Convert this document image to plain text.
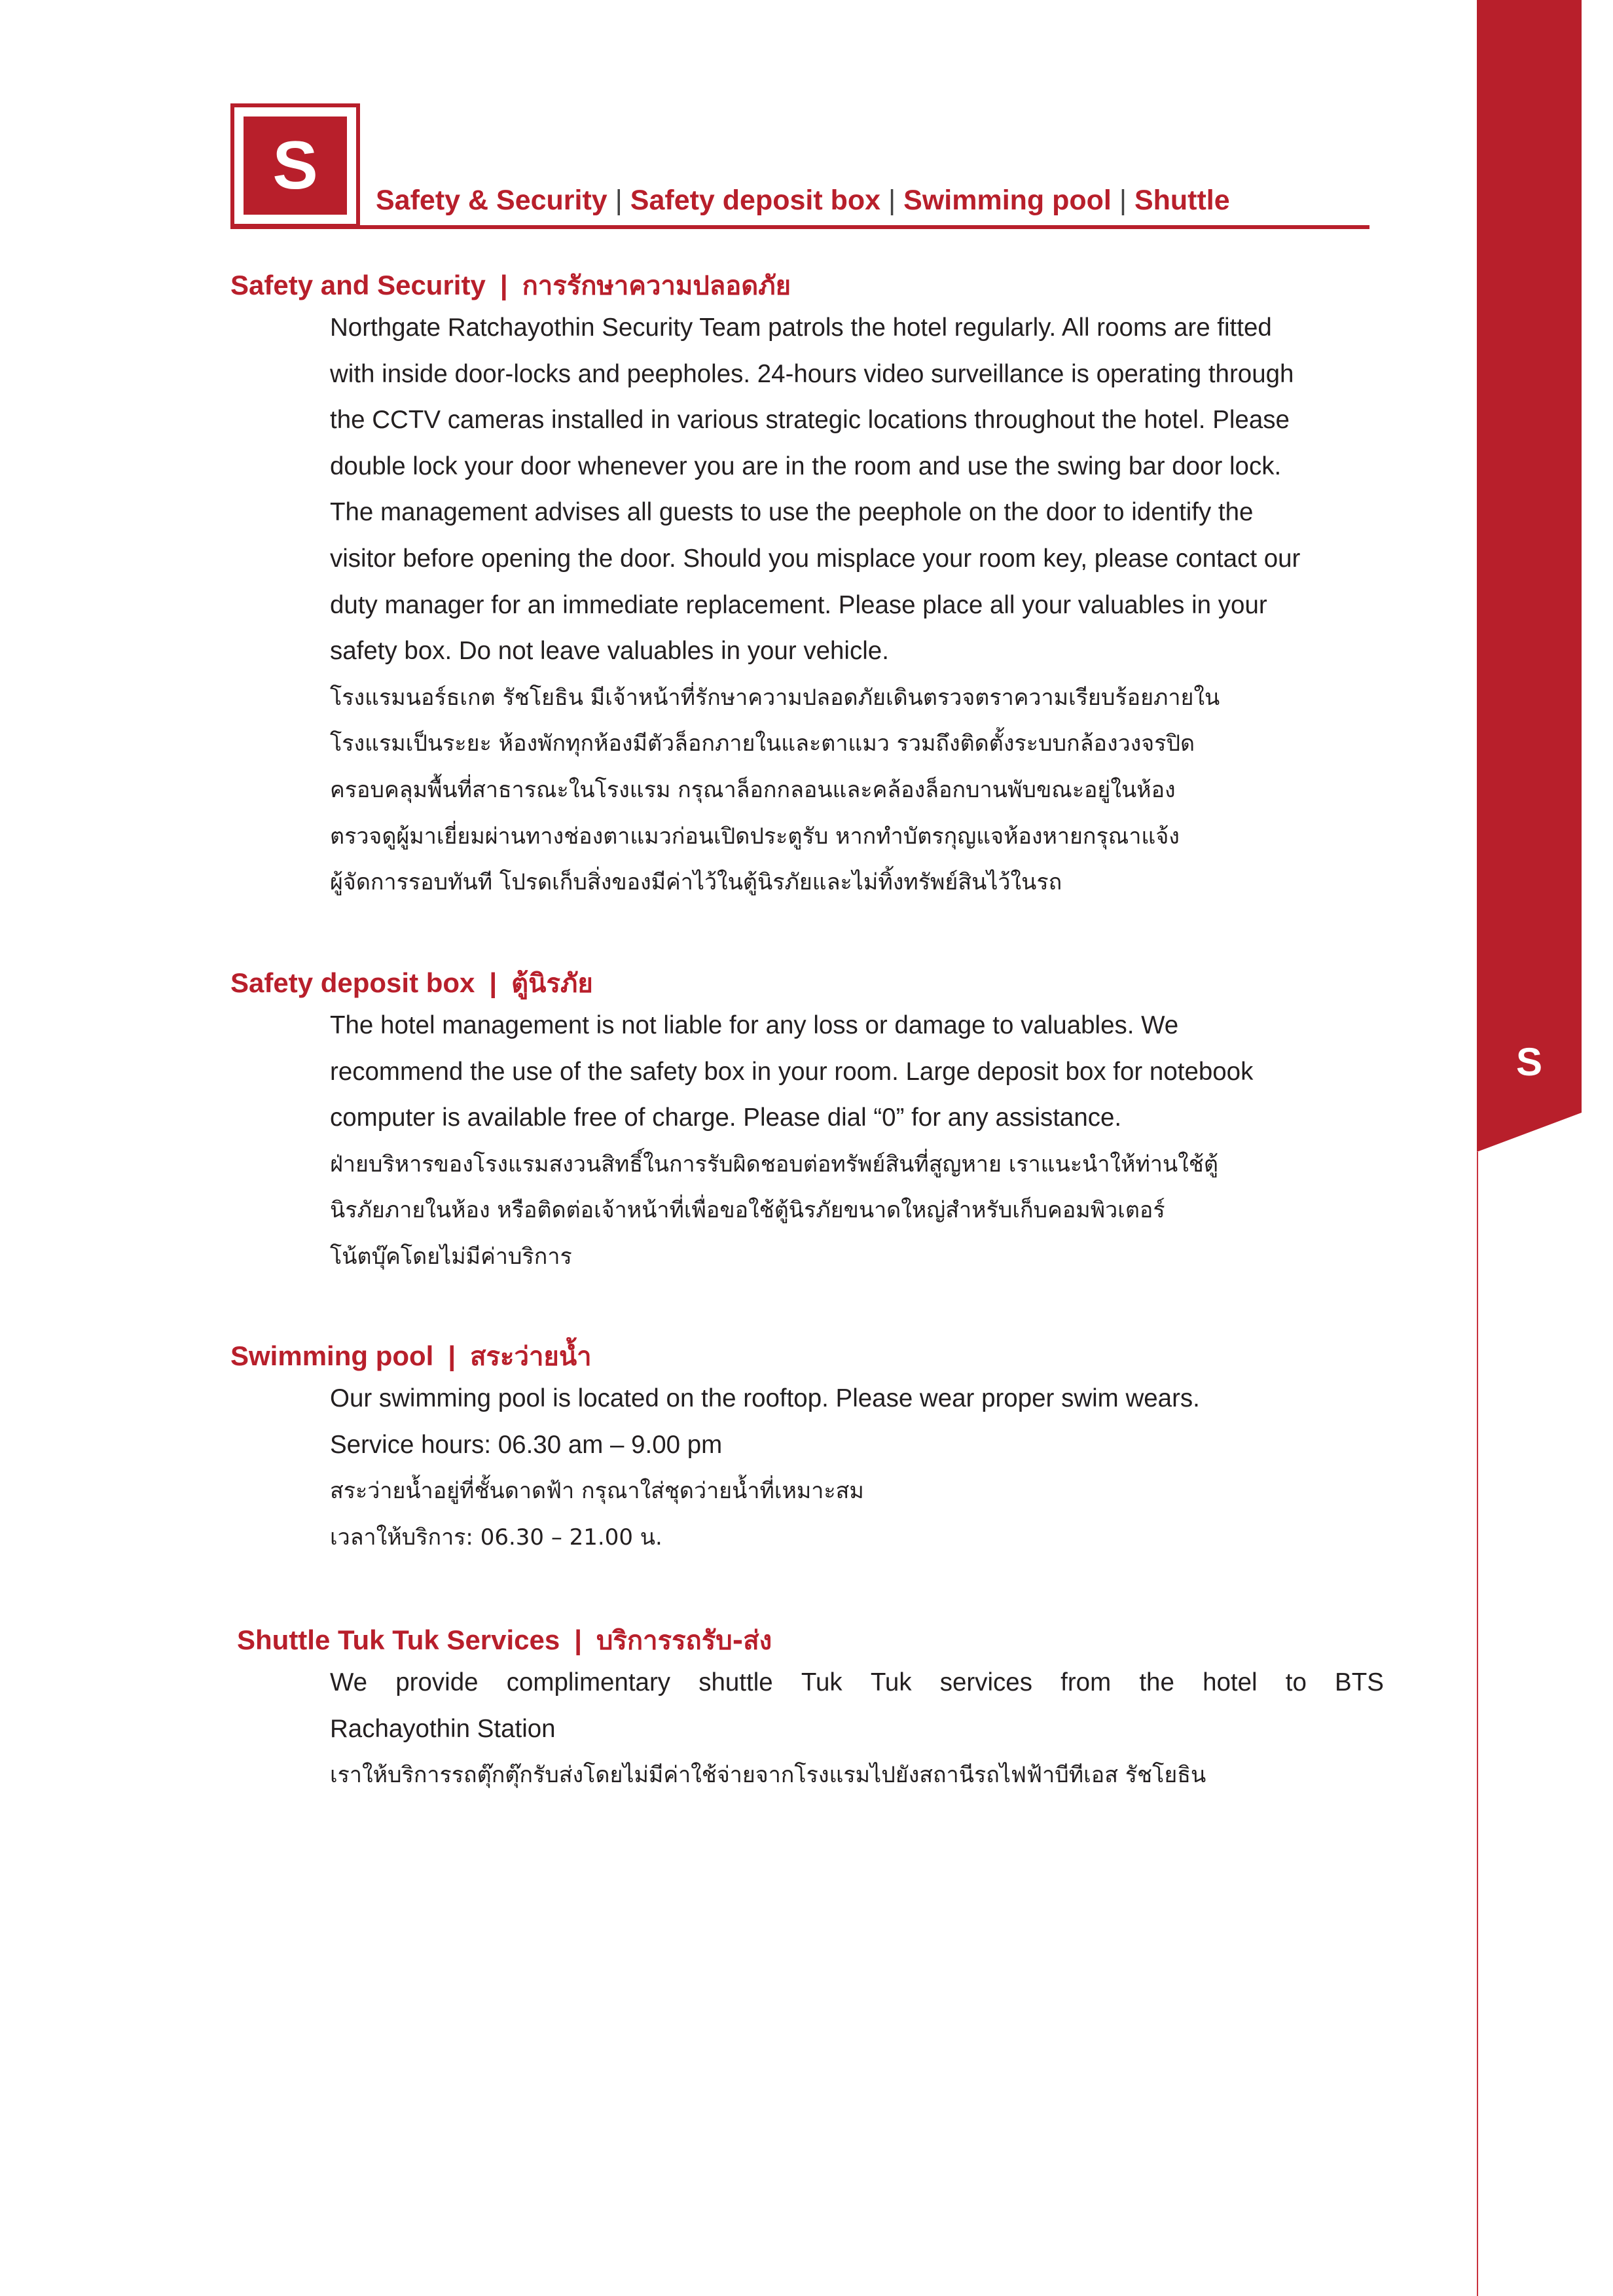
S
S	Safety & Security | Safety deposit box | Swimming pool | Shuttle
Safety and Security | การรักษาความปลอดภัย
Northgate Ratchayothin Security Team patrols the hotel regularly. All rooms are fitted
with inside door-locks and peepholes. 24-hours video surveillance is operating through
the CCTV cameras installed in various strategic locations throughout the hotel. Please
double lock your door whenever you are in the room and use the swing bar door lock.
The management advises all guests to use the peephole on the door to identify the
visitor before opening the door. Should you misplace your room key, please contact our
duty manager for an immediate replacement. Please place all your valuables in your
safety box. Do not leave valuables in your vehicle.
โรงแรมนอร์ธเกต รัชโยธิน มีเจ้าหน้าที่รักษาความปลอดภัยเดินตรวจตราความเรียบร้อยภายใน
โรงแรมเป็นระยะ ห้องพักทุกห้องมีตัวล็อกภายในและตาแมว รวมถึงติดตั้งระบบกล้องวงจรปิด
ครอบคลุมพื้นที่สาธารณะในโรงแรม กรุณาล็อกกลอนและคล้องล็อกบานพับขณะอยู่ในห้อง
ตรวจดูผู้มาเยี่ยมผ่านทางช่องตาแมวก่อนเปิดประตูรับ หากทำบัตรกุญแจห้องหายกรุณาแจ้ง
ผู้จัดการรอบทันที โปรดเก็บสิ่งของมีค่าไว้ในตู้นิรภัยและไม่ทิ้งทรัพย์สินไว้ในรถ
Safety deposit box | ตู้นิรภัย
The hotel management is not liable for any loss or damage to valuables. We
recommend the use of the safety box in your room. Large deposit box for notebook
computer is available free of charge. Please dial “0” for any assistance.
ฝ่ายบริหารของโรงแรมสงวนสิทธิ์ในการรับผิดชอบต่อทรัพย์สินที่สูญหาย เราแนะนำให้ท่านใช้ตู้
นิรภัยภายในห้อง หรือติดต่อเจ้าหน้าที่เพื่อขอใช้ตู้นิรภัยขนาดใหญ่สำหรับเก็บคอมพิวเตอร์
โน้ตบุ๊คโดยไม่มีค่าบริการ
Swimming pool | สระว่ายน้ำ
Our swimming pool is located on the rooftop. Please wear proper swim wears.
Service hours: 06.30 am – 9.00 pm
สระว่ายน้ำอยู่ที่ชั้นดาดฟ้า กรุณาใส่ชุดว่ายน้ำที่เหมาะสม
เวลาให้บริการ: 06.30 – 21.00 น.
Shuttle Tuk Tuk Services | บริการรถรับ-ส่ง
We provide complimentary shuttle Tuk Tuk services from the hotel to BTS
Rachayothin Station
เราให้บริการรถตุ๊กตุ๊กรับส่งโดยไม่มีค่าใช้จ่ายจากโรงแรมไปยังสถานีรถไฟฟ้าบีทีเอส รัชโยธิน
